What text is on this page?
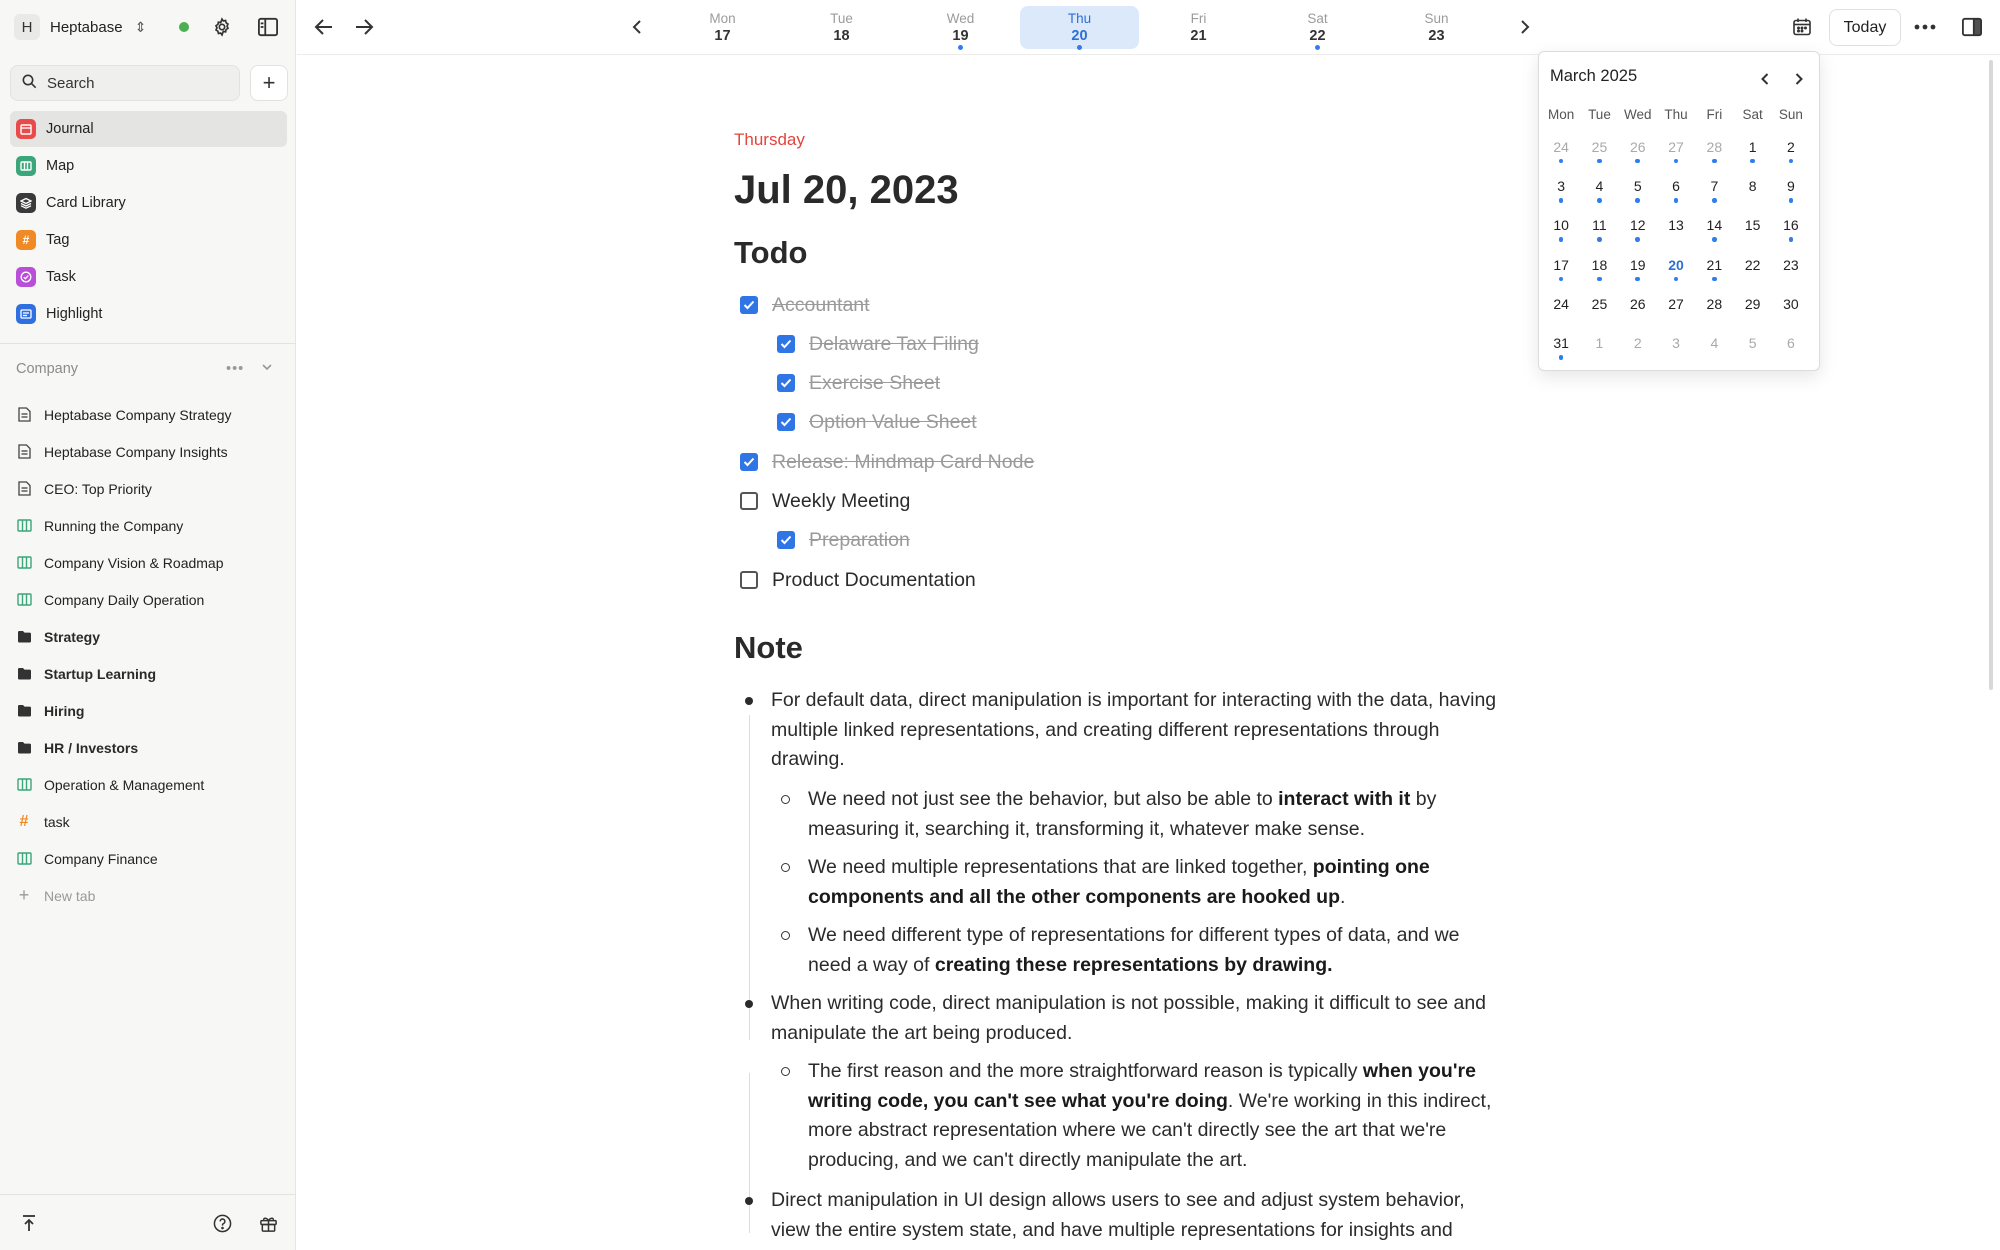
H	Heptabase ⇕
Search
+
Journal
Map
Card Library
#	Tag
Task
Highlight
Company	•••
Heptabase Company Strategy
Heptabase Company Insights
CEO: Top Priority
Running the Company
Company Vision & Roadmap
Company Daily Operation
Strategy
Startup Learning
Hiring
HR / Investors
Operation & Management
# task
Company Finance
+ New tab
Mon
17
Tue
18
Wed
19
Thu
20
Fri
21
Sat
22
Sun
23
Today
Thursday
Jul 20, 2023
Todo
Accountant
Delaware Tax Filing
Exercise Sheet
Option Value Sheet
Release: Mindmap Card Node
Weekly Meeting
Preparation
Product Documentation
Note
For default data, direct manipulation is important for interacting with the data, having
multiple linked representations, and creating different representations through
drawing.
We need not just see the behavior, but also be able to interact with it by
measuring it, searching it, transforming it, whatever make sense.
We need multiple representations that are linked together, pointing one
components and all the other components are hooked up.
We need different type of representations for different types of data, and we
need a way of creating these representations by drawing.
When writing code, direct manipulation is not possible, making it difficult to see and
manipulate the art being produced.
The first reason and the more straightforward reason is typically when you're
writing code, you can't see what you're doing. We're working in this indirect,
more abstract representation where we can't directly see the art that we're
producing, and we can't directly manipulate the art.
Direct manipulation in UI design allows users to see and adjust system behavior,
view the entire system state, and have multiple representations for insights and
March 2025
Mon	Tue Wed Thu	Fri	Sat	Sun
24 25 26 27 28 1 2
3 4 5 6 7 8 9
10 11 12 13 14 15 16
17 18 19 20 21 22 23
24 25 26 27 28 29 30
31 1 2 3 4 5 6
